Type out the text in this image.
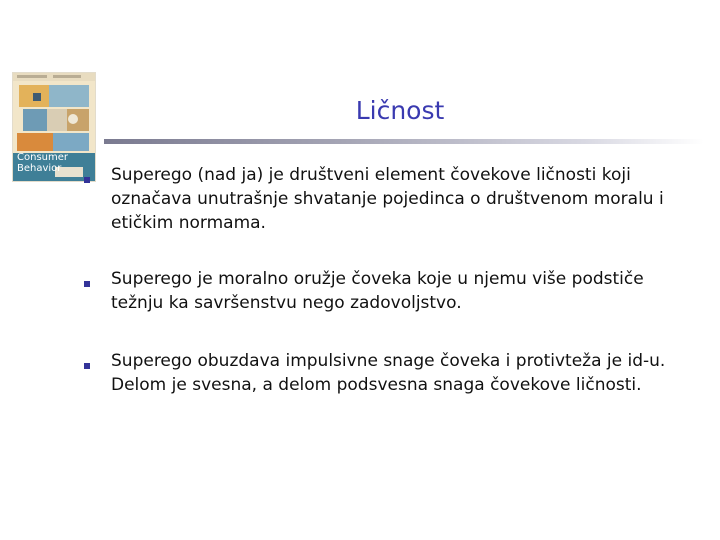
Consumer
Behavior
Ličnost
Superego (nad ja) je društveni element čovekove ličnosti koji označava unutrašnje shvatanje pojedinca o društvenom moralu i etičkim normama.
Superego je moralno oružje čoveka koje u njemu više podstiče težnju ka savršenstvu nego zadovoljstvo.
Superego obuzdava impulsivne snage čoveka i protivteža je id-u. Delom je svesna, a delom podsvesna snaga čovekove ličnosti.
